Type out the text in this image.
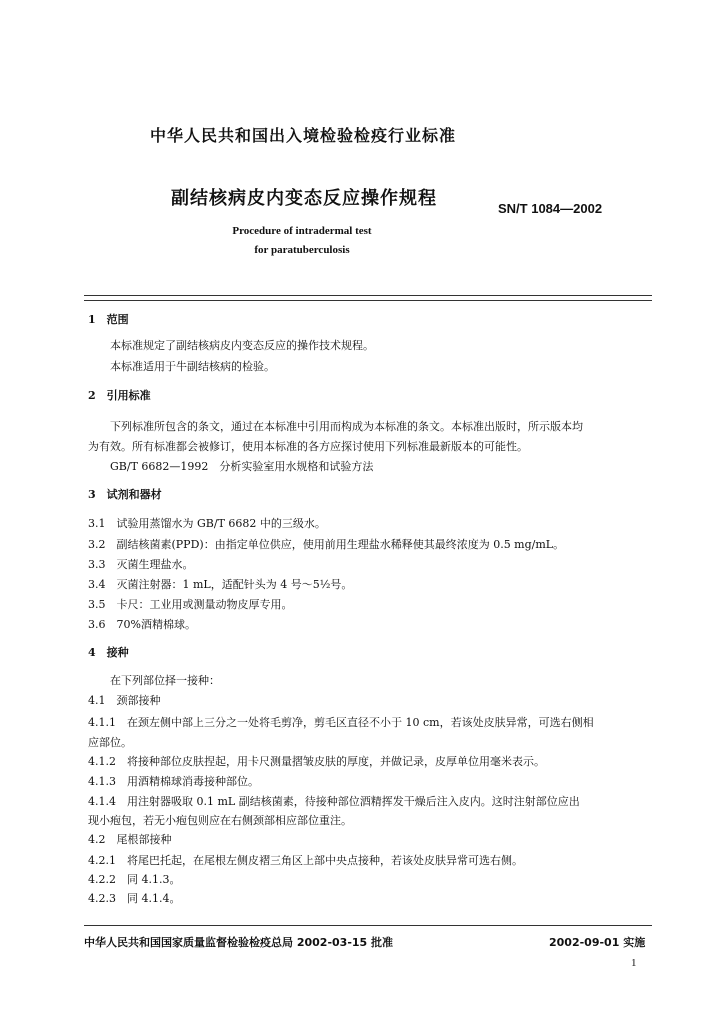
中华人民共和国出入境检验检疫行业标准
副结核病皮内变态反应操作规程	SN/T 1084—2002
Procedure of intradermal test
for paratuberculosis
1　范围
本标准规定了副结核病皮内变态反应的操作技术规程。
本标准适用于牛副结核病的检验。
2　引用标准
下列标准所包含的条文，通过在本标准中引用而构成为本标准的条文。本标准出版时，所示版本均
为有效。所有标准都会被修订，使用本标准的各方应探讨使用下列标准最新版本的可能性。
GB/T 6682—1992　分析实验室用水规格和试验方法
3　试剂和器材
3.1　试验用蒸馏水为 GB/T 6682 中的三级水。
3.2　副结核菌素(PPD)：由指定单位供应，使用前用生理盐水稀释使其最终浓度为 0.5 mg/mL。
3.3　灭菌生理盐水。
3.4　灭菌注射器：1 mL，适配针头为 4 号～5½号。
3.5　卡尺：工业用或测量动物皮厚专用。
3.6　70%酒精棉球。
4　接种
在下列部位择一接种：
4.1　颈部接种
4.1.1　在颈左侧中部上三分之一处将毛剪净，剪毛区直径不小于 10 cm，若该处皮肤异常，可选右侧相
应部位。
4.1.2　将接种部位皮肤捏起，用卡尺测量摺皱皮肤的厚度，并做记录，皮厚单位用毫米表示。
4.1.3　用酒精棉球消毒接种部位。
4.1.4　用注射器吸取 0.1 mL 副结核菌素，待接种部位酒精挥发干燥后注入皮内。这时注射部位应出
现小疱包，若无小疱包则应在右侧颈部相应部位重注。
4.2　尾根部接种
4.2.1　将尾巴托起，在尾根左侧皮褶三角区上部中央点接种，若该处皮肤异常可选右侧。
4.2.2　同 4.1.3。
4.2.3　同 4.1.4。
中华人民共和国国家质量监督检验检疫总局 2002-03-15 批准	2002-09-01 实施
1
